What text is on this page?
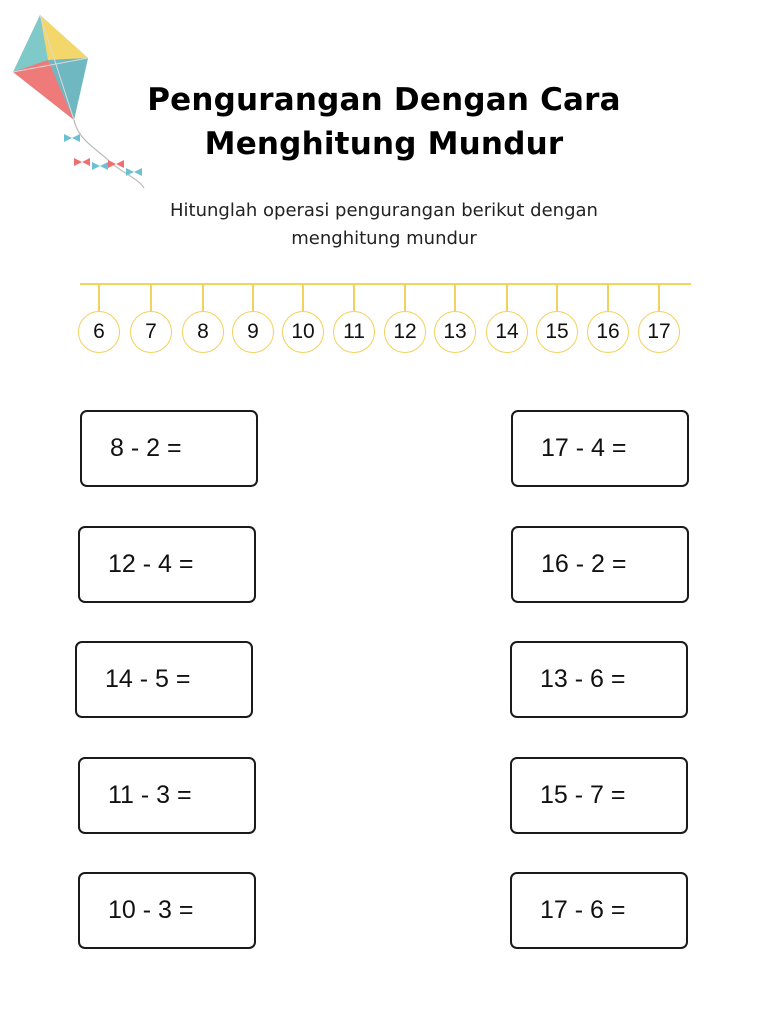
Pengurangan Dengan Cara
Menghitung Mundur
Hitunglah operasi pengurangan berikut dengan
menghitung mundur
6	7	8	9	10	11	12	13	14	15	16	17
8 - 2 =
12 - 4 =
14 - 5 =
11 - 3 =
10 - 3 =
17 - 4 =
16 - 2 =
13 - 6 =
15 - 7 =
17 - 6 =
